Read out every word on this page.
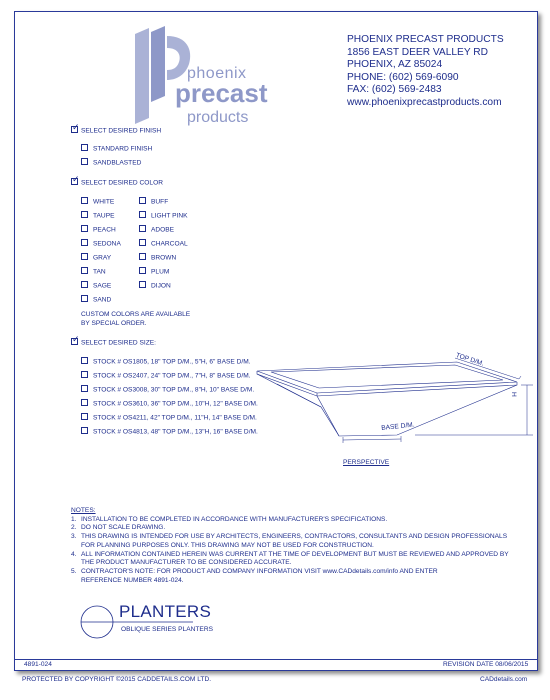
phoenix
precast
products
PHOENIX PRECAST PRODUCTS
1856 EAST DEER VALLEY RD
PHOENIX, AZ 85024
PHONE: (602) 569-6090
FAX: (602) 569-2483
www.phoenixprecastproducts.com
✓ SELECT DESIRED FINISH
STANDARD FINISH
SANDBLASTED
✓ SELECT DESIRED COLOR
WHITE
TAUPE
PEACH
SEDONA
GRAY
TAN
SAGE
SAND
BUFF
LIGHT PINK
ADOBE
CHARCOAL
BROWN
PLUM
DIJON
CUSTOM COLORS ARE AVAILABLE
BY SPECIAL ORDER.
✓ SELECT DESIRED SIZE:
STOCK # OS1805, 18" TOP D/M., 5"H, 6" BASE D/M.
STOCK # OS2407, 24" TOP D/M., 7"H, 8" BASE D/M.
STOCK # OS3008, 30" TOP D/M., 8"H, 10" BASE D/M.
STOCK # OS3610, 36" TOP D/M., 10"H, 12" BASE D/M.
STOCK # OS4211, 42" TOP D/M., 11"H, 14" BASE D/M.
STOCK # OS4813, 48" TOP D/M., 13"H, 16" BASE D/M.
TOP D/M.
H
BASE D/M.
PERSPECTIVE
NOTES:
1. INSTALLATION TO BE COMPLETED IN ACCORDANCE WITH MANUFACTURER'S SPECIFICATIONS.
2. DO NOT SCALE DRAWING.
3. THIS DRAWING IS INTENDED FOR USE BY ARCHITECTS, ENGINEERS, CONTRACTORS, CONSULTANTS AND DESIGN PROFESSIONALS
FOR PLANNING PURPOSES ONLY. THIS DRAWING MAY NOT BE USED FOR CONSTRUCTION.
4. ALL INFORMATION CONTAINED HEREIN WAS CURRENT AT THE TIME OF DEVELOPMENT BUT MUST BE REVIEWED AND APPROVED BY
THE PRODUCT MANUFACTURER TO BE CONSIDERED ACCURATE.
5. CONTRACTOR'S NOTE: FOR PRODUCT AND COMPANY INFORMATION VISIT www.CADdetails.com/info AND ENTER
REFERENCE NUMBER 4891-024.
PLANTERS
OBLIQUE SERIES PLANTERS
4891-024	REVISION DATE 08/06/2015
PROTECTED BY COPYRIGHT ©2015 CADDETAILS.COM LTD.	CADdetails.com
